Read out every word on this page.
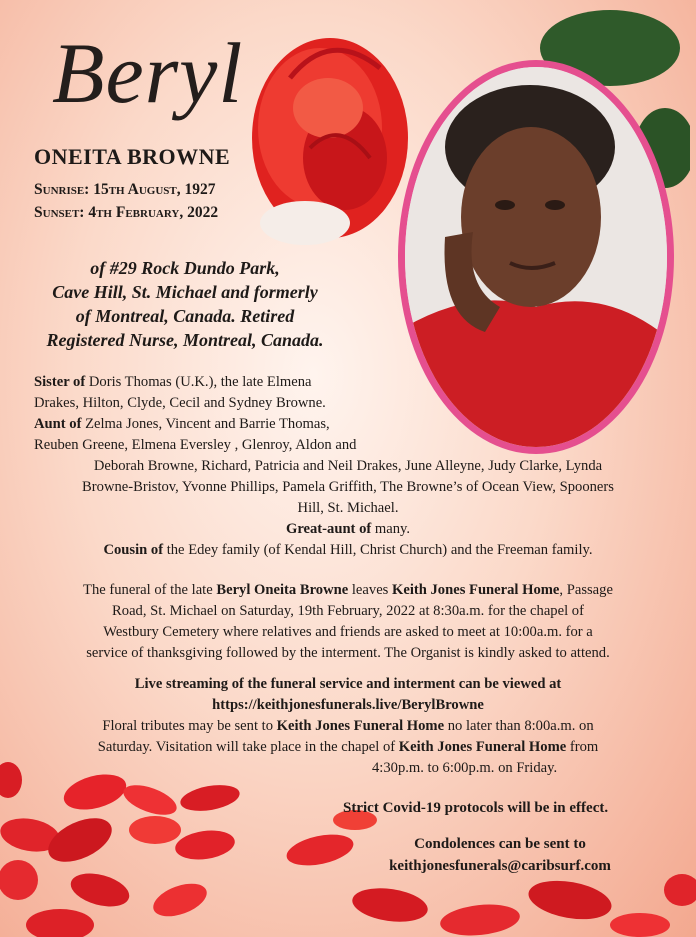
Beryl
ONEITA BROWNE
Sunrise: 15th August, 1927
Sunset: 4th February, 2022
of #29 Rock Dundo Park,
Cave Hill, St. Michael and formerly
of Montreal, Canada. Retired
Registered Nurse, Montreal, Canada.
Sister of Doris Thomas (U.K.), the late Elmena
Drakes, Hilton, Clyde, Cecil and Sydney Browne.
Aunt of Zelma Jones, Vincent and Barrie Thomas,
Reuben Greene, Elmena Eversley , Glenroy, Aldon and
Deborah Browne, Richard, Patricia and Neil Drakes, June Alleyne, Judy Clarke, Lynda
Browne-Bristov, Yvonne Phillips, Pamela Griffith, The Browne’s of Ocean View, Spooners
Hill, St. Michael.
Great-aunt of many.
Cousin of the Edey family (of Kendal Hill, Christ Church) and the Freeman family.
The funeral of the late Beryl Oneita Browne leaves Keith Jones Funeral Home, Passage
Road, St. Michael on Saturday, 19th February, 2022 at 8:30a.m. for the chapel of
Westbury Cemetery where relatives and friends are asked to meet at 10:00a.m. for a
service of thanksgiving followed by the interment. The Organist is kindly asked to attend.
Live streaming of the funeral service and interment can be viewed at
https://keithjonesfunerals.live/BerylBrowne
Floral tributes may be sent to Keith Jones Funeral Home no later than 8:00a.m. on
Saturday. Visitation will take place in the chapel of Keith Jones Funeral Home from
4:30p.m. to 6:00p.m. on Friday.
Strict Covid-19 protocols will be in effect.
Condolences can be sent to
keithjonesfunerals@caribsurf.com
